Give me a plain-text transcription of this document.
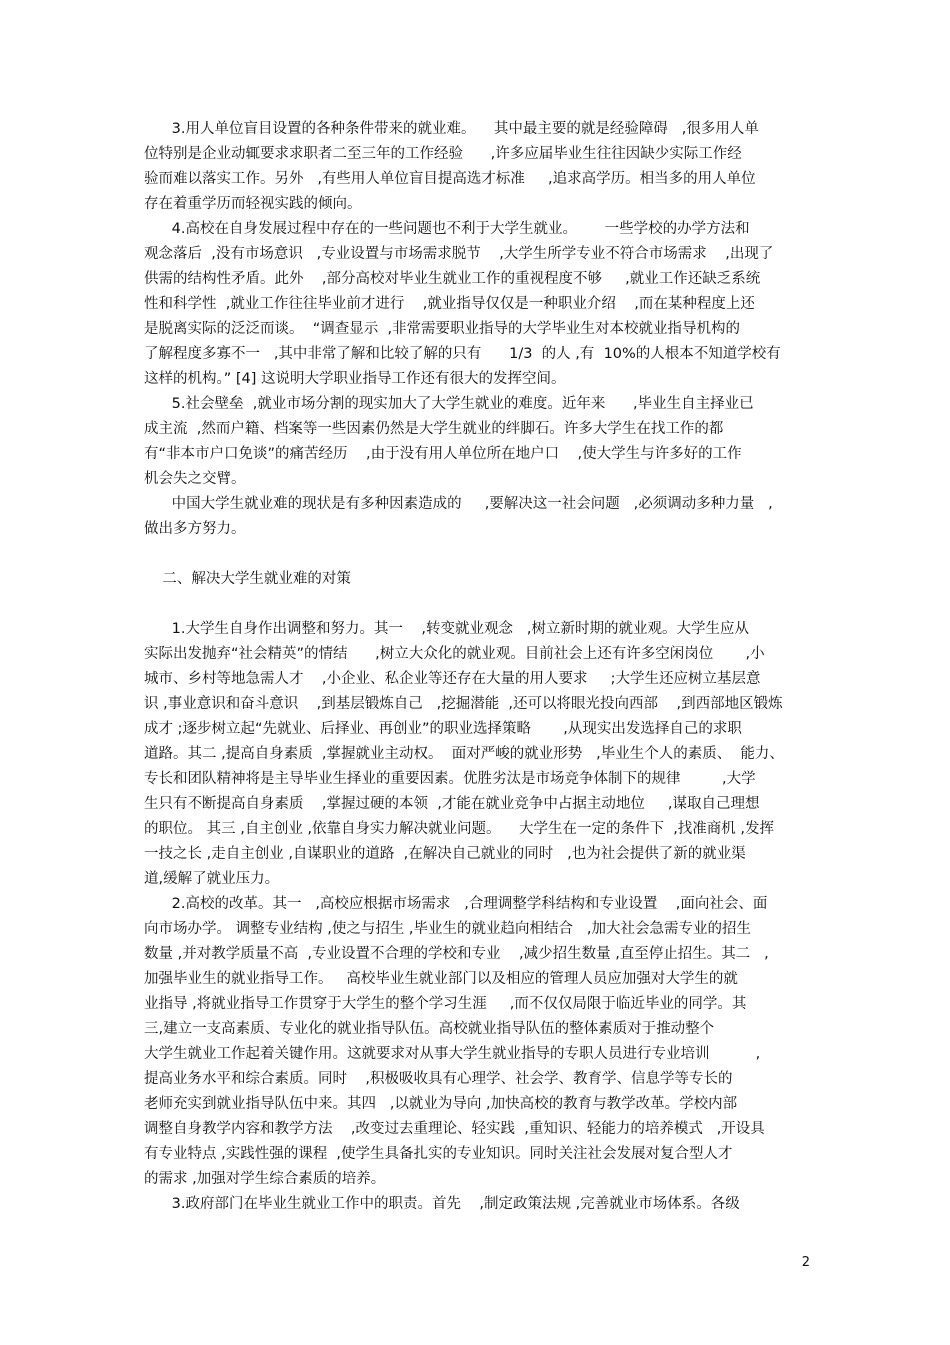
3.用人单位盲目设置的各种条件带来的就业难。    其中最主要的就是经验障碍   ,很多用人单
位特别是企业动辄要求求职者二至三年的工作经验      ,许多应届毕业生往往因缺少实际工作经
验而难以落实工作。另外   ,有些用人单位盲目提高选才标准     ,追求高学历。相当多的用人单位
存在着重学历而轻视实践的倾向。
4.高校在自身发展过程中存在的一些问题也不利于大学生就业。      一些学校的办学方法和
观念落后  ,没有市场意识   ,专业设置与市场需求脱节    ,大学生所学专业不符合市场需求    ,出现了
供需的结构性矛盾。此外    ,部分高校对毕业生就业工作的重视程度不够     ,就业工作还缺乏系统
性和科学性  ,就业工作往往毕业前才进行    ,就业指导仅仅是一种职业介绍    ,而在某种程度上还
是脱离实际的泛泛而谈。  “调查显示  ,非常需要职业指导的大学毕业生对本校就业指导机构的
了解程度多寡不一   ,其中非常了解和比较了解的只有      1/3  的人 ,有  10%的人根本不知道学校有
这样的机构。” [4] 这说明大学职业指导工作还有很大的发挥空间。
5.社会壁垒  ,就业市场分割的现实加大了大学生就业的难度。近年来      ,毕业生自主择业已
成主流  ,然而户籍、档案等一些因素仍然是大学生就业的绊脚石。许多大学生在找工作的都
有“非本市户口免谈”的痛苦经历    ,由于没有用人单位所在地户口    ,使大学生与许多好的工作
机会失之交臂。
中国大学生就业难的现状是有多种因素造成的     ,要解决这一社会问题   ,必须调动多种力量   ,
做出多方努力。
二、解决大学生就业难的对策
1.大学生自身作出调整和努力。其一    ,转变就业观念   ,树立新时期的就业观。大学生应从
实际出发抛弃“社会精英”的情结      ,树立大众化的就业观。目前社会上还有许多空闲岗位       ,小
城市、乡村等地急需人才    ,小企业、私企业等还存在大量的用人要求     ;大学生还应树立基层意
识 ,事业意识和奋斗意识    ,到基层锻炼自己   ,挖掘潜能  ,还可以将眼光投向西部    ,到西部地区锻炼
成才 ;逐步树立起“先就业、后择业、再创业”的职业选择策略       ,从现实出发选择自己的求职
道路。其二 ,提高自身素质  ,掌握就业主动权。  面对严峻的就业形势   ,毕业生个人的素质、  能力、
专长和团队精神将是主导毕业生择业的重要因素。优胜劣汰是市场竞争体制下的规律         ,大学
生只有不断提高自身素质    ,掌握过硬的本领  ,才能在就业竞争中占据主动地位     ,谋取自己理想
的职位。 其三 ,自主创业 ,依靠自身实力解决就业问题。    大学生在一定的条件下  ,找准商机 ,发挥
一技之长 ,走自主创业 ,自谋职业的道路  ,在解决自己就业的同时   ,也为社会提供了新的就业渠
道,缓解了就业压力。
2.高校的改革。其一   ,高校应根据市场需求   ,合理调整学科结构和专业设置    ,面向社会、面
向市场办学。 调整专业结构 ,使之与招生 ,毕业生的就业趋向相结合   ,加大社会急需专业的招生
数量 ,并对教学质量不高  ,专业设置不合理的学校和专业    ,减少招生数量 ,直至停止招生。其二   ,
加强毕业生的就业指导工作。   高校毕业生就业部门以及相应的管理人员应加强对大学生的就
业指导 ,将就业指导工作贯穿于大学生的整个学习生涯     ,而不仅仅局限于临近毕业的同学。其
三,建立一支高素质、专业化的就业指导队伍。高校就业指导队伍的整体素质对于推动整个
大学生就业工作起着关键作用。这就要求对从事大学生就业指导的专职人员进行专业培训          ,
提高业务水平和综合素质。同时    ,积极吸收具有心理学、社会学、教育学、信息学等专长的
老师充实到就业指导队伍中来。其四   ,以就业为导向 ,加快高校的教育与教学改革。学校内部
调整自身教学内容和教学方法    ,改变过去重理论、轻实践  ,重知识、轻能力的培养模式   ,开设具
有专业特点 ,实践性强的课程  ,使学生具备扎实的专业知识。同时关注社会发展对复合型人才
的需求 ,加强对学生综合素质的培养。
3.政府部门在毕业生就业工作中的职责。首先    ,制定政策法规 ,完善就业市场体系。各级
2
